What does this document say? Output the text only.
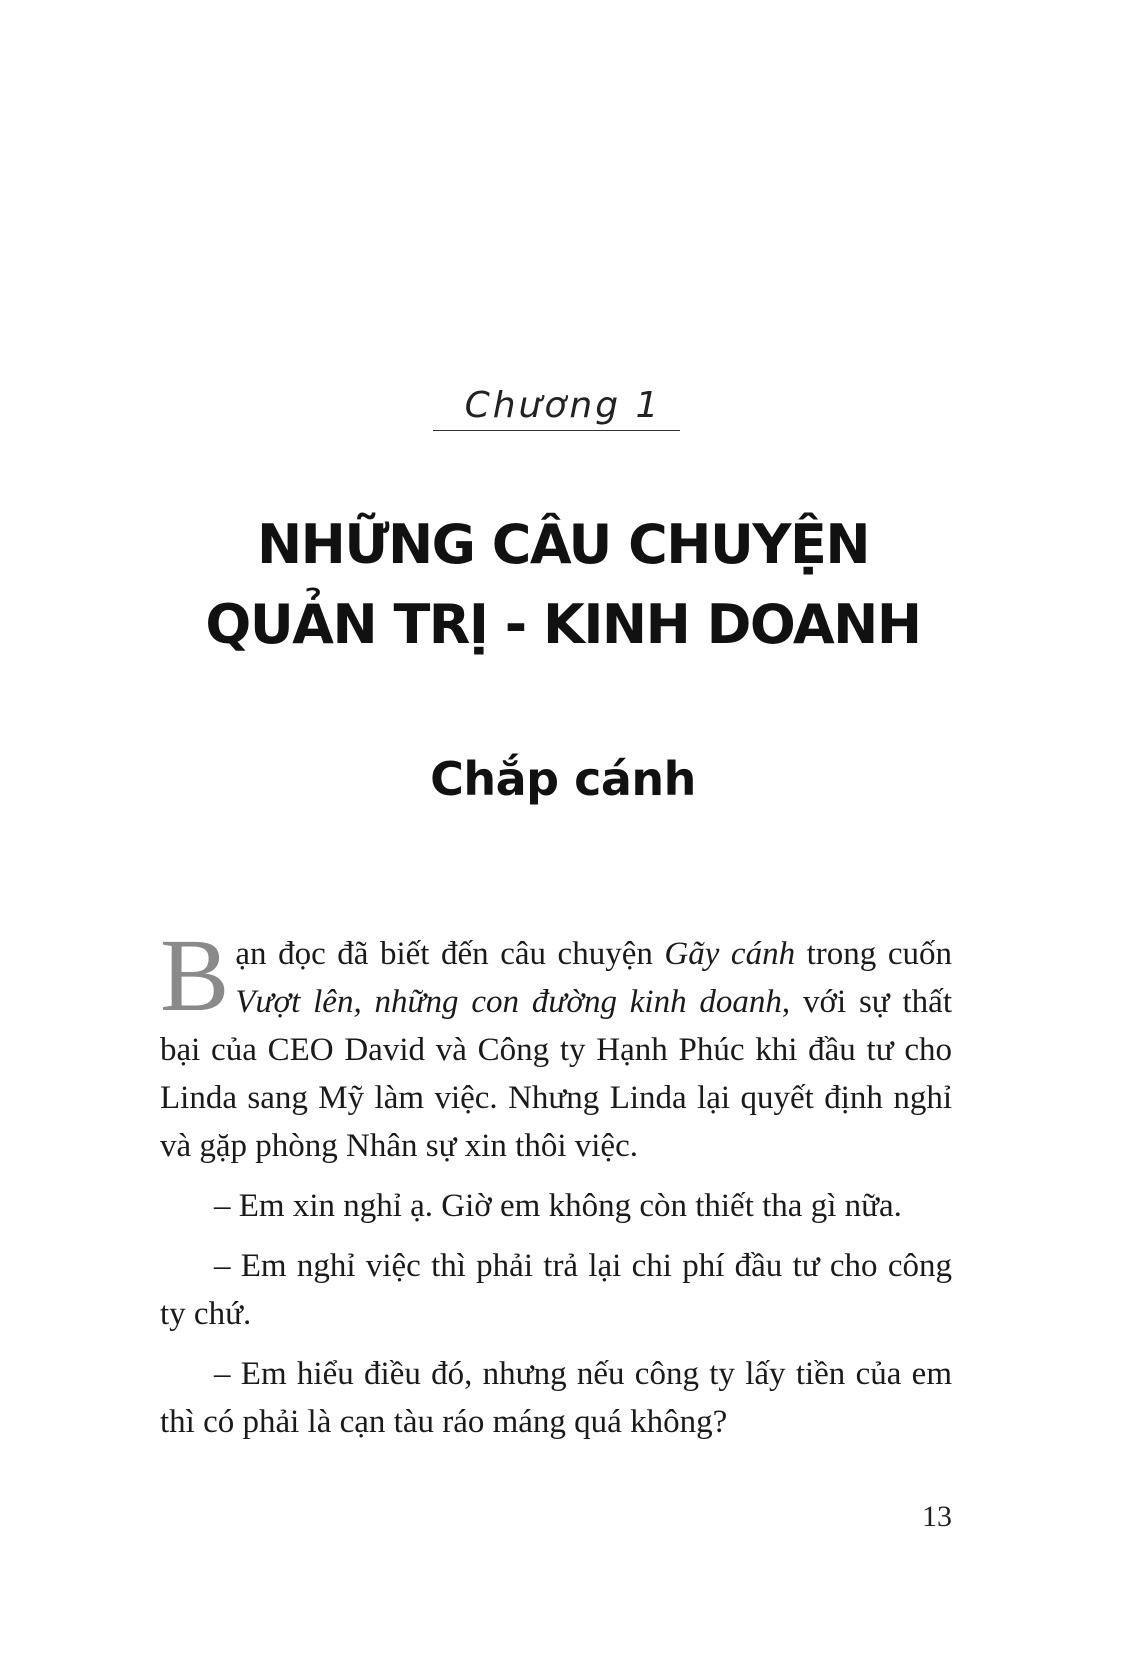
Chương 1
NHỮNG CÂU CHUYỆN
QUẢN TRỊ - KINH DOANH
Chắp cánh

Bạn đọc đã biết đến câu chuyện Gãy cánh trong cuốn Vượt lên, những con đường kinh doanh, với sự thất bại của CEO David và Công ty Hạnh Phúc khi đầu tư cho Linda sang Mỹ làm việc. Nhưng Linda lại quyết định nghỉ và gặp phòng Nhân sự xin thôi việc.

– Em xin nghỉ ạ. Giờ em không còn thiết tha gì nữa.

– Em nghỉ việc thì phải trả lại chi phí đầu tư cho công ty chứ.

– Em hiểu điều đó, nhưng nếu công ty lấy tiền của em thì có phải là cạn tàu ráo máng quá không?

13
